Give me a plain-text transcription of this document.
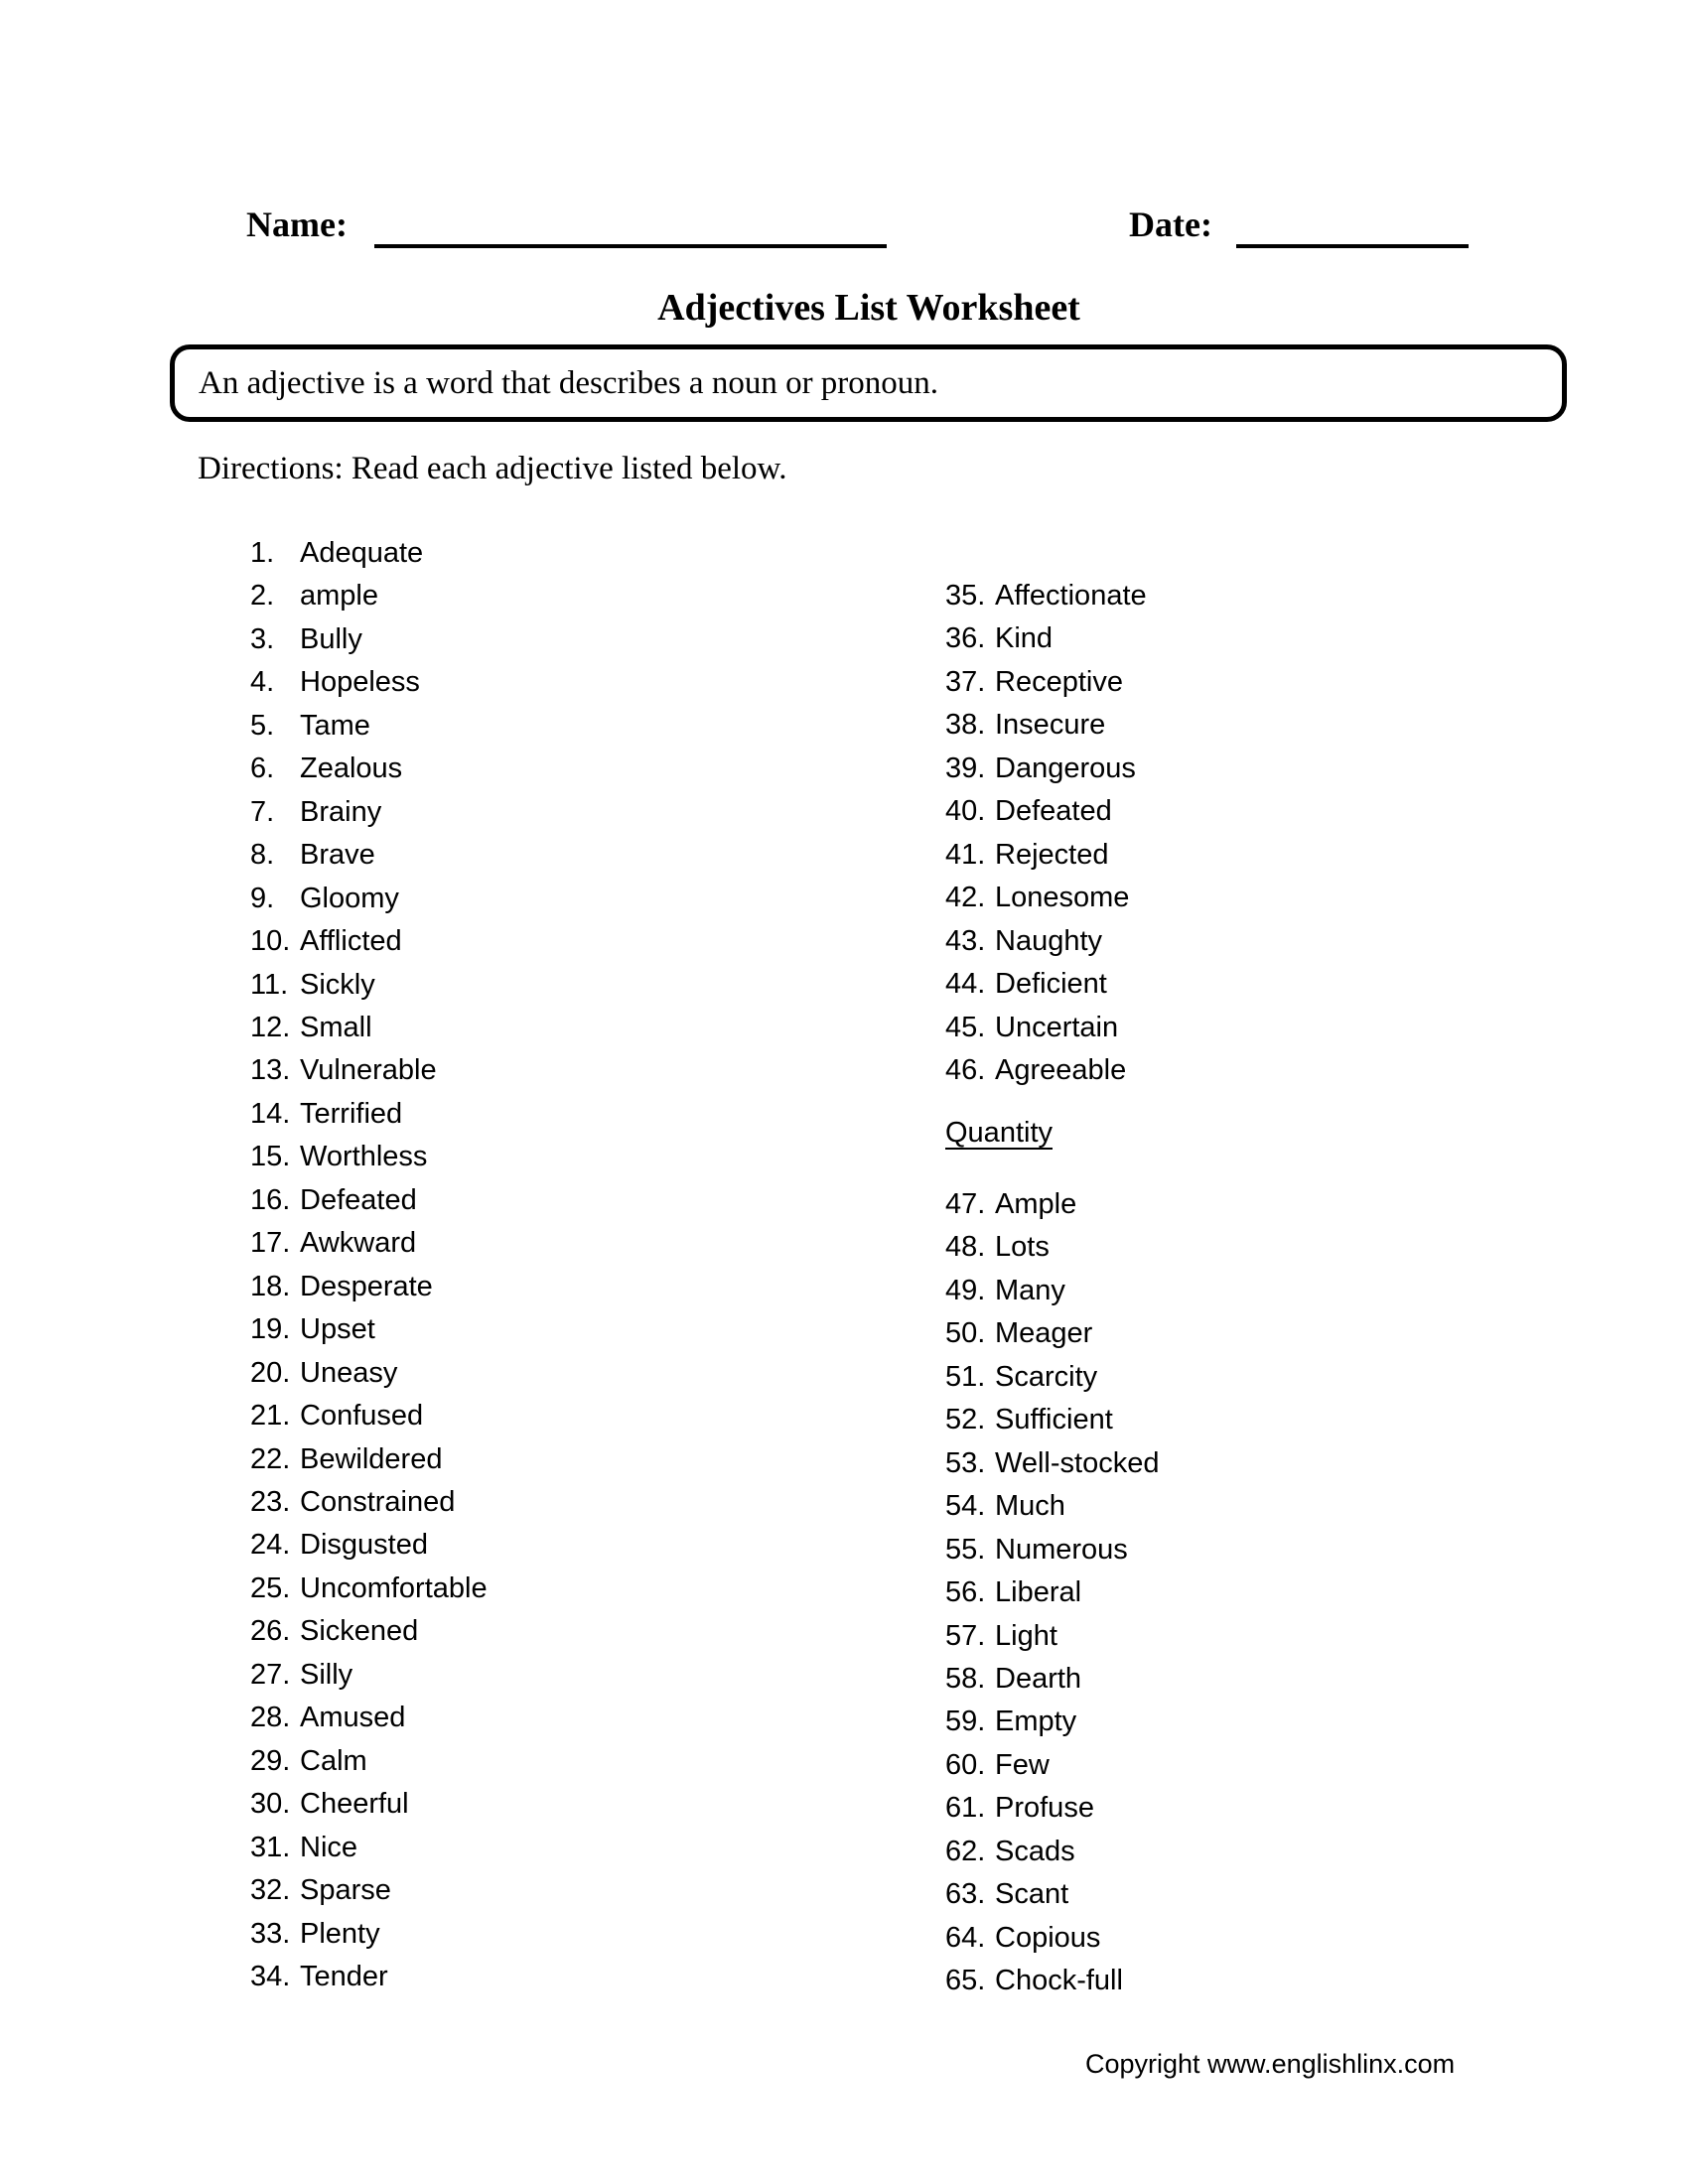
Name:	Date:
Adjectives List Worksheet
An adjective is a word that describes a noun or pronoun.
Directions: Read each adjective listed below.
1. Adequate
2. ample
3. Bully
4. Hopeless
5. Tame
6. Zealous
7. Brainy
8. Brave
9. Gloomy
10. Afflicted
11. Sickly
12. Small
13. Vulnerable
14. Terrified
15. Worthless
16. Defeated
17. Awkward
18. Desperate
19. Upset
20. Uneasy
21. Confused
22. Bewildered
23. Constrained
24. Disgusted
25. Uncomfortable
26. Sickened
27. Silly
28. Amused
29. Calm
30. Cheerful
31. Nice
32. Sparse
33. Plenty
34. Tender
35. Affectionate
36. Kind
37. Receptive
38. Insecure
39. Dangerous
40. Defeated
41. Rejected
42. Lonesome
43. Naughty
44. Deficient
45. Uncertain
46. Agreeable
Quantity
47. Ample
48. Lots
49. Many
50. Meager
51. Scarcity
52. Sufficient
53. Well-stocked
54. Much
55. Numerous
56. Liberal
57. Light
58. Dearth
59. Empty
60. Few
61. Profuse
62. Scads
63. Scant
64. Copious
65. Chock-full
Copyright www.englishlinx.com
